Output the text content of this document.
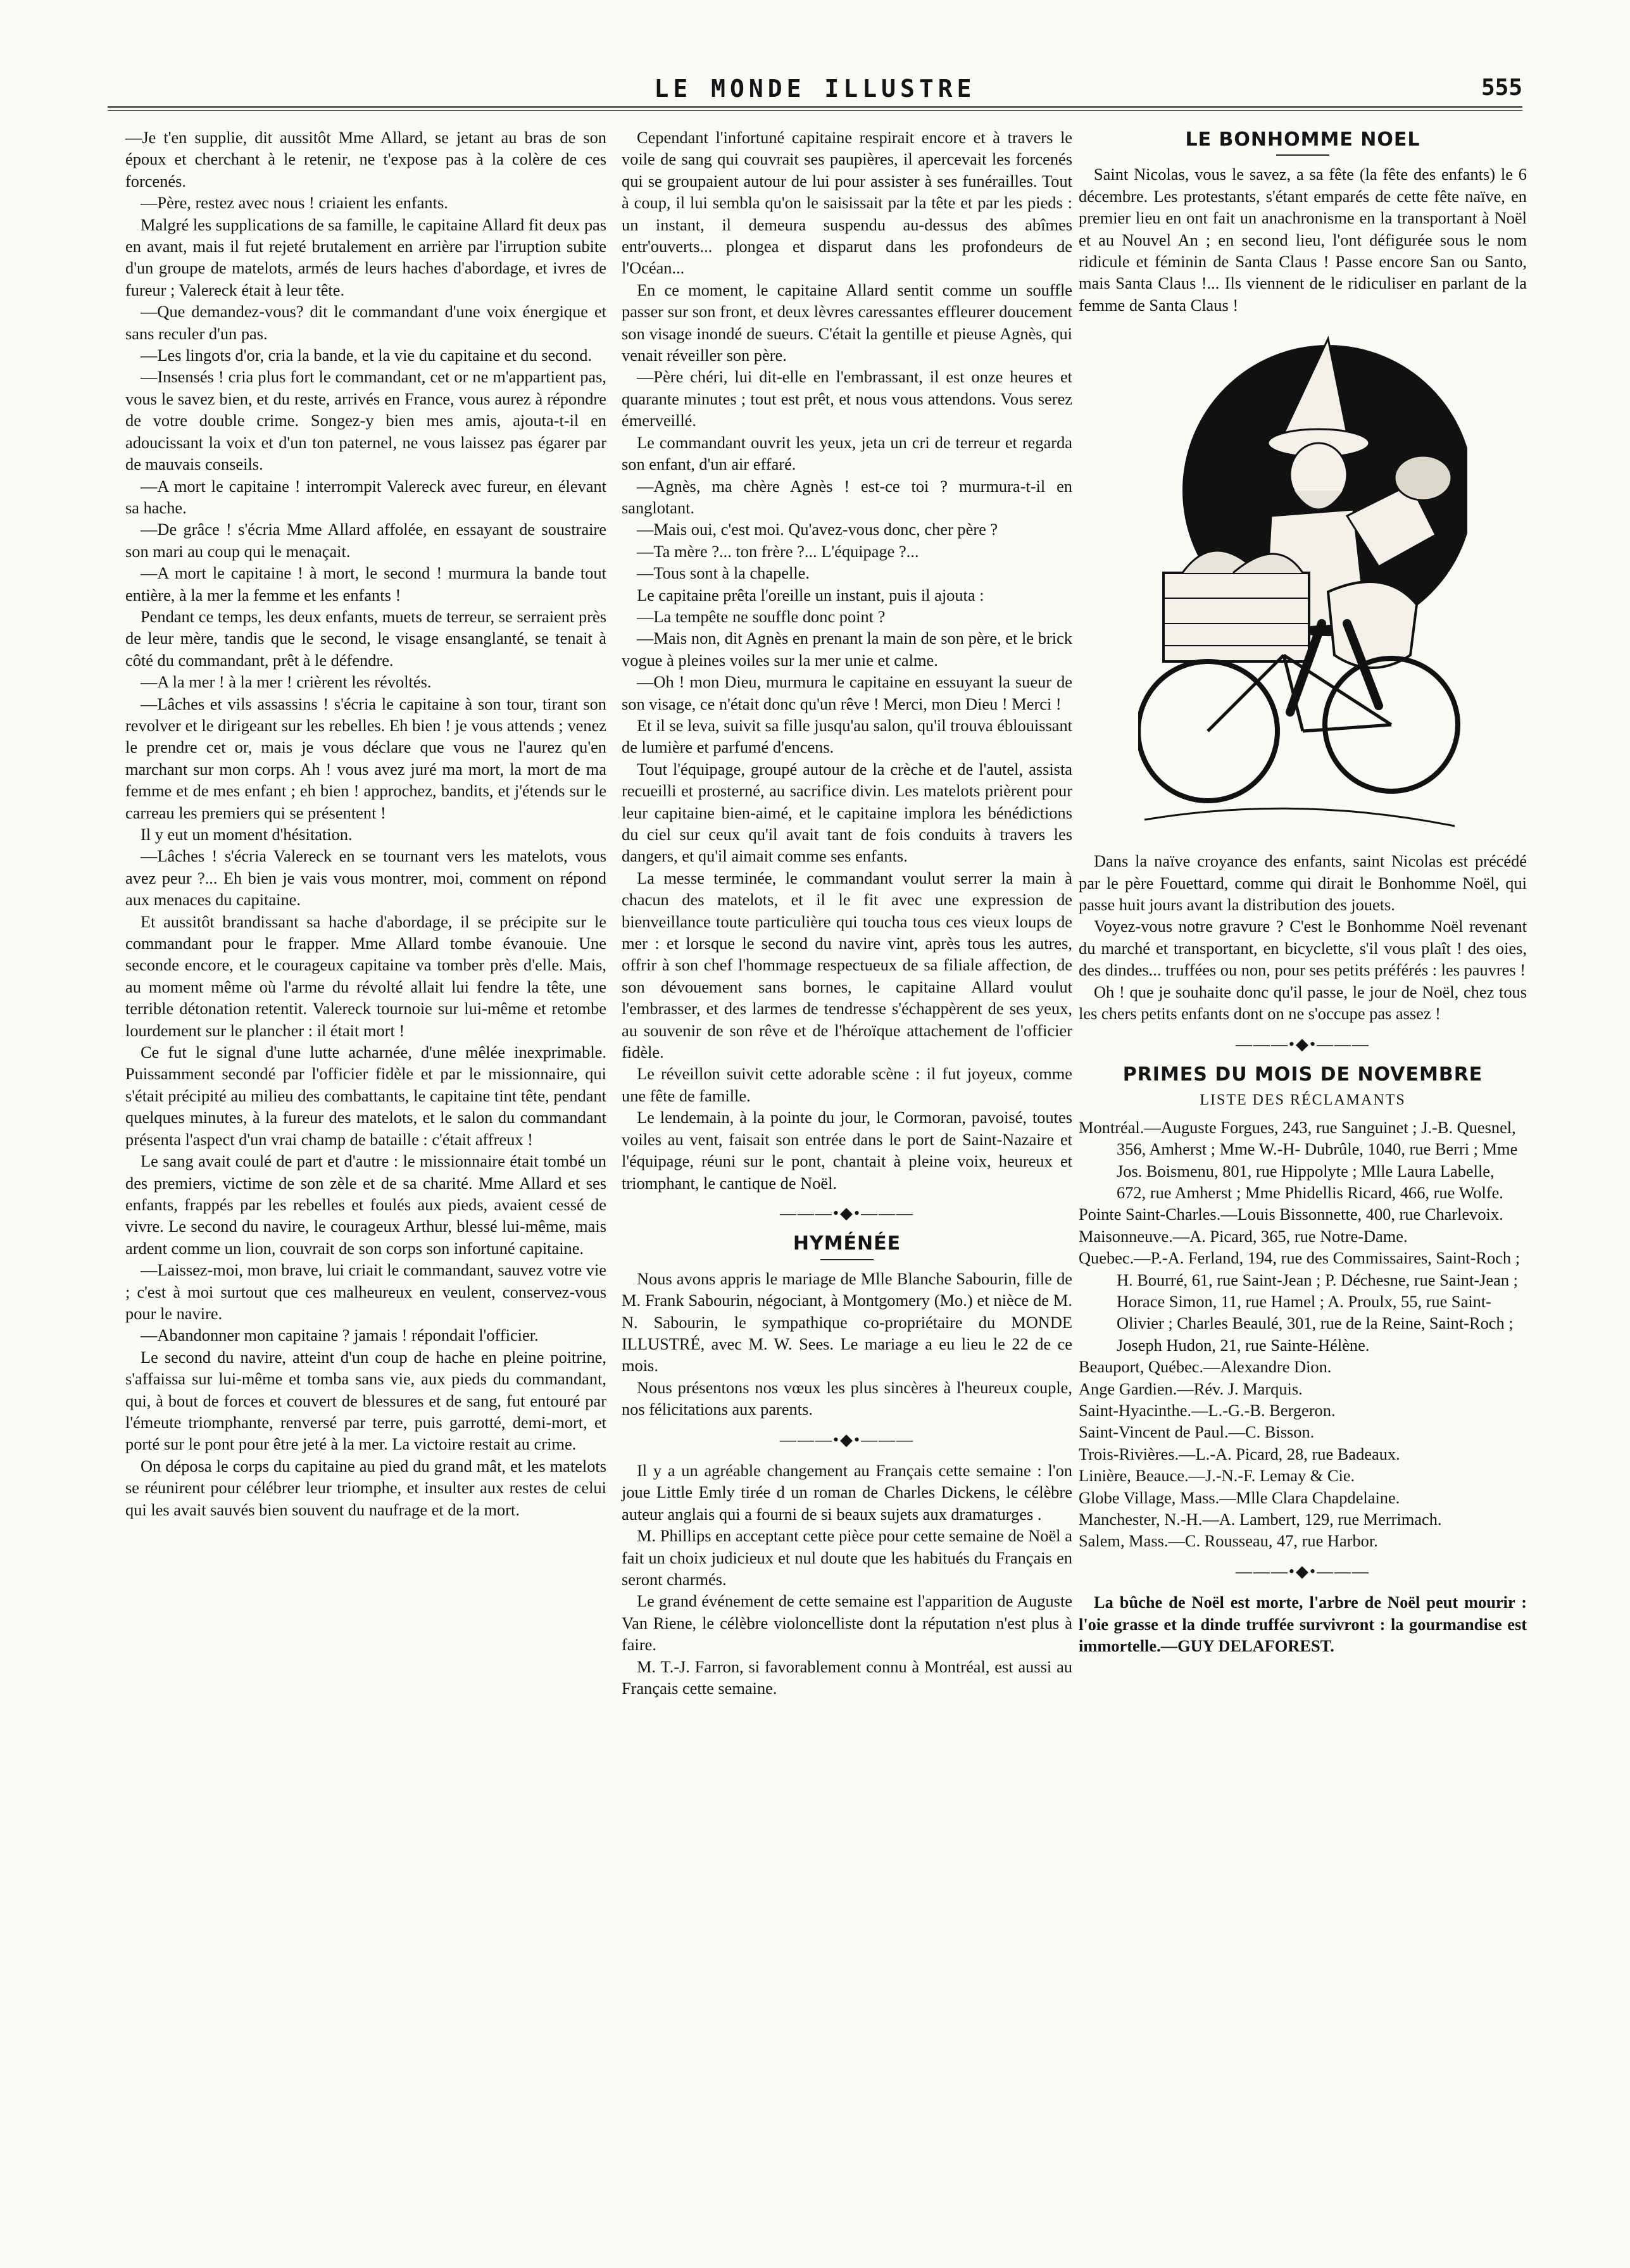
LE MONDE ILLUSTRE	555

—Je t'en supplie, dit aussitôt Mme Allard, se jetant au bras de son époux et cherchant à le retenir, ne t'expose pas à la colère de ces forcenés.

—Père, restez avec nous ! criaient les enfants.

Malgré les supplications de sa famille, le capitaine Allard fit deux pas en avant, mais il fut rejeté brutalement en arrière par l'irruption subite d'un groupe de matelots, armés de leurs haches d'abordage, et ivres de fureur ; Valereck était à leur tête.

—Que demandez-vous? dit le commandant d'une voix énergique et sans reculer d'un pas.

—Les lingots d'or, cria la bande, et la vie du capitaine et du second.

—Insensés ! cria plus fort le commandant, cet or ne m'appartient pas, vous le savez bien, et du reste, arrivés en France, vous aurez à répondre de votre double crime. Songez-y bien mes amis, ajouta-t-il en adoucissant la voix et d'un ton paternel, ne vous laissez pas égarer par de mauvais conseils.

—A mort le capitaine ! interrompit Valereck avec fureur, en élevant sa hache.

—De grâce ! s'écria Mme Allard affolée, en essayant de soustraire son mari au coup qui le menaçait.

—A mort le capitaine ! à mort, le second ! murmura la bande tout entière, à la mer la femme et les enfants !

Pendant ce temps, les deux enfants, muets de terreur, se serraient près de leur mère, tandis que le second, le visage ensanglanté, se tenait à côté du commandant, prêt à le défendre.

—A la mer ! à la mer ! crièrent les révoltés.

—Lâches et vils assassins ! s'écria le capitaine à son tour, tirant son revolver et le dirigeant sur les rebelles. Eh bien ! je vous attends ; venez le prendre cet or, mais je vous déclare que vous ne l'aurez qu'en marchant sur mon corps. Ah ! vous avez juré ma mort, la mort de ma femme et de mes enfant ; eh bien ! approchez, bandits, et j'étends sur le carreau les premiers qui se présentent !

Il y eut un moment d'hésitation.

—Lâches ! s'écria Valereck en se tournant vers les matelots, vous avez peur ?... Eh bien je vais vous montrer, moi, comment on répond aux menaces du capitaine.

Et aussitôt brandissant sa hache d'abordage, il se précipite sur le commandant pour le frapper. Mme Allard tombe évanouie. Une seconde encore, et le courageux capitaine va tomber près d'elle. Mais, au moment même où l'arme du révolté allait lui fendre la tête, une terrible détonation retentit. Valereck tournoie sur lui-même et retombe lourdement sur le plancher : il était mort !

Ce fut le signal d'une lutte acharnée, d'une mêlée inexprimable. Puissamment secondé par l'officier fidèle et par le missionnaire, qui s'était précipité au milieu des combattants, le capitaine tint tête, pendant quelques minutes, à la fureur des matelots, et le salon du commandant présenta l'aspect d'un vrai champ de bataille : c'était affreux !

Le sang avait coulé de part et d'autre : le missionnaire était tombé un des premiers, victime de son zèle et de sa charité. Mme Allard et ses enfants, frappés par les rebelles et foulés aux pieds, avaient cessé de vivre. Le second du navire, le courageux Arthur, blessé lui-même, mais ardent comme un lion, couvrait de son corps son infortuné capitaine.

—Laissez-moi, mon brave, lui criait le commandant, sauvez votre vie ; c'est à moi surtout que ces malheureux en veulent, conservez-vous pour le navire.

—Abandonner mon capitaine ? jamais ! répondait l'officier.

Le second du navire, atteint d'un coup de hache en pleine poitrine, s'affaissa sur lui-même et tomba sans vie, aux pieds du commandant, qui, à bout de forces et couvert de blessures et de sang, fut entouré par l'émeute triomphante, renversé par terre, puis garrotté, demi-mort, et porté sur le pont pour être jeté à la mer. La victoire restait au crime.

On déposa le corps du capitaine au pied du grand mât, et les matelots se réunirent pour célébrer leur triomphe, et insulter aux restes de celui qui les avait sauvés bien souvent du naufrage et de la mort.

Cependant l'infortuné capitaine respirait encore et à travers le voile de sang qui couvrait ses paupières, il apercevait les forcenés qui se groupaient autour de lui pour assister à ses funérailles. Tout à coup, il lui sembla qu'on le saisissait par la tête et par les pieds : un instant, il demeura suspendu au-dessus des abîmes entr'ouverts... plongea et disparut dans les profondeurs de l'Océan...

En ce moment, le capitaine Allard sentit comme un souffle passer sur son front, et deux lèvres caressantes effleurer doucement son visage inondé de sueurs. C'était la gentille et pieuse Agnès, qui venait réveiller son père.

—Père chéri, lui dit-elle en l'embrassant, il est onze heures et quarante minutes ; tout est prêt, et nous vous attendons. Vous serez émerveillé.

Le commandant ouvrit les yeux, jeta un cri de terreur et regarda son enfant, d'un air effaré.

—Agnès, ma chère Agnès ! est-ce toi ? murmura-t-il en sanglotant.

—Mais oui, c'est moi. Qu'avez-vous donc, cher père ?

—Ta mère ?... ton frère ?... L'équipage ?...

—Tous sont à la chapelle.

Le capitaine prêta l'oreille un instant, puis il ajouta :

—La tempête ne souffle donc point ?

—Mais non, dit Agnès en prenant la main de son père, et le brick vogue à pleines voiles sur la mer unie et calme.

—Oh ! mon Dieu, murmura le capitaine en essuyant la sueur de son visage, ce n'était donc qu'un rêve ! Merci, mon Dieu ! Merci !

Et il se leva, suivit sa fille jusqu'au salon, qu'il trouva éblouissant de lumière et parfumé d'encens.

Tout l'équipage, groupé autour de la crèche et de l'autel, assista recueilli et prosterné, au sacrifice divin. Les matelots prièrent pour leur capitaine bien-aimé, et le capitaine implora les bénédictions du ciel sur ceux qu'il avait tant de fois conduits à travers les dangers, et qu'il aimait comme ses enfants.

La messe terminée, le commandant voulut serrer la main à chacun des matelots, et il le fit avec une expression de bienveillance toute particulière qui toucha tous ces vieux loups de mer : et lorsque le second du navire vint, après tous les autres, offrir à son chef l'hommage respectueux de sa filiale affection, de son dévouement sans bornes, le capitaine Allard voulut l'embrasser, et des larmes de tendresse s'échappèrent de ses yeux, au souvenir de son rêve et de l'héroïque attachement de l'officier fidèle.

Le réveillon suivit cette adorable scène : il fut joyeux, comme une fête de famille.

Le lendemain, à la pointe du jour, le Cormoran, pavoisé, toutes voiles au vent, faisait son entrée dans le port de Saint-Nazaire et l'équipage, réuni sur le pont, chantait à pleine voix, heureux et triomphant, le cantique de Noël.

———•◆•———
HYMÉNÉE

Nous avons appris le mariage de Mlle Blanche Sabourin, fille de M. Frank Sabourin, négociant, à Montgomery (Mo.) et nièce de M. N. Sabourin, le sympathique co-propriétaire du MONDE ILLUSTRÉ, avec M. W. Sees. Le mariage a eu lieu le 22 de ce mois.

Nous présentons nos vœux les plus sincères à l'heureux couple, nos félicitations aux parents.

———•◆•———

Il y a un agréable changement au Français cette semaine : l'on joue Little Emly tirée d un roman de Charles Dickens, le célèbre auteur anglais qui a fourni de si beaux sujets aux dramaturges .

M. Phillips en acceptant cette pièce pour cette semaine de Noël a fait un choix judicieux et nul doute que les habitués du Français en seront charmés.

Le grand événement de cette semaine est l'apparition de Auguste Van Riene, le célèbre violoncelliste dont la réputation n'est plus à faire.

M. T.-J. Farron, si favorablement connu à Montréal, est aussi au Français cette semaine.

LE BONHOMME NOEL

Saint Nicolas, vous le savez, a sa fête (la fête des enfants) le 6 décembre. Les protestants, s'étant emparés de cette fête naïve, en premier lieu en ont fait un anachronisme en la transportant à Noël et au Nouvel An ; en second lieu, l'ont défigurée sous le nom ridicule et féminin de Santa Claus ! Passe encore San ou Santo, mais Santa Claus !... Ils viennent de le ridiculiser en parlant de la femme de Santa Claus !

Dans la naïve croyance des enfants, saint Nicolas est précédé par le père Fouettard, comme qui dirait le Bonhomme Noël, qui passe huit jours avant la distribution des jouets.

Voyez-vous notre gravure ? C'est le Bonhomme Noël revenant du marché et transportant, en bicyclette, s'il vous plaît ! des oies, des dindes... truffées ou non, pour ses petits préférés : les pauvres !

Oh ! que je souhaite donc qu'il passe, le jour de Noël, chez tous les chers petits enfants dont on ne s'occupe pas assez !

———•◆•———
PRIMES DU MOIS DE NOVEMBRE
LISTE DES RÉCLAMANTS

Montréal.—Auguste Forgues, 243, rue Sanguinet ; J.-B. Quesnel, 356, Amherst ; Mme W.-H- Dubrûle, 1040, rue Berri ; Mme Jos. Boismenu, 801, rue Hippolyte ; Mlle Laura Labelle, 672, rue Amherst ; Mme Phidellis Ricard, 466, rue Wolfe.

Pointe Saint-Charles.—Louis Bissonnette, 400, rue Charlevoix.

Maisonneuve.—A. Picard, 365, rue Notre-Dame.

Quebec.—P.-A. Ferland, 194, rue des Commissaires, Saint-Roch ; H. Bourré, 61, rue Saint-Jean ; P. Déchesne, rue Saint-Jean ; Horace Simon, 11, rue Hamel ; A. Proulx, 55, rue Saint-Olivier ; Charles Beaulé, 301, rue de la Reine, Saint-Roch ; Joseph Hudon, 21, rue Sainte-Hélène.

Beauport, Québec.—Alexandre Dion.

Ange Gardien.—Rév. J. Marquis.

Saint-Hyacinthe.—L.-G.-B. Bergeron.

Saint-Vincent de Paul.—C. Bisson.

Trois-Rivières.—L.-A. Picard, 28, rue Badeaux.

Linière, Beauce.—J.-N.-F. Lemay & Cie.

Globe Village, Mass.—Mlle Clara Chapdelaine.

Manchester, N.-H.—A. Lambert, 129, rue Merrimach.

Salem, Mass.—C. Rousseau, 47, rue Harbor.

———•◆•———

La bûche de Noël est morte, l'arbre de Noël peut mourir : l'oie grasse et la dinde truffée survivront : la gourmandise est immortelle.—GUY DELAFOREST.
